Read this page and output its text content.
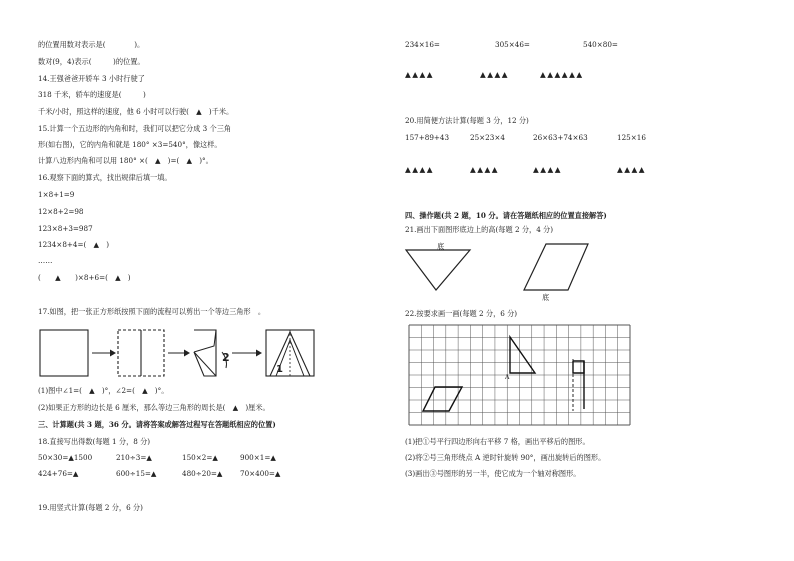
的位置用数对表示是(　　　　)。
数对(9，4)表示(　　　)的位置。
14.王强爸爸开轿车 3 小时行驶了
318 千米，轿车的速度是(　　　)
千米/小时，照这样的速度，他 6 小时可以行驶(　▲　)千米。
15.计算一个五边形的内角和时，我们可以把它分成 3 个三角
形(如右图)，它的内角和就是 180° ×3=540°，像这样。
计算八边形内角和可以用 180° ×(　▲　)=(　▲　)°。
16.观察下面的算式，找出规律后填一填。
1×8+1=9
12×8+2=98
123×8+3=987
1234×8+4=(　▲　)
……
(　　▲　　)×8+6=(　▲　)
17.如图，把一张正方形纸按照下面的流程可以剪出一个等边三角形　。
2
1
(1)图中∠1=(　▲　)°，∠2=(　▲　)°。
(2)如果正方形的边长是 6 厘米，那么等边三角形的周长是(　▲　)厘米。
三、计算题(共 3 题，36 分。请将答案或解答过程写在答题纸相应的位置)
18.直接写出得数(每题 1 分，8 分)
50×30=▲1500	210÷3=▲	150×2=▲	900×1=▲
424+76=▲	600÷15=▲	480÷20=▲ 70×400=▲
19.用竖式计算(每题 2 分，6 分)
234×16=	305×46=	540×80=
▲▲▲▲	▲▲▲▲	▲▲▲▲▲▲
20.用简便方法计算(每题 3 分，12 分)
157+89+43	25×23×4	26×63+74×63	125×16
▲▲▲▲	▲▲▲▲	▲▲▲▲	▲▲▲▲
四、操作题(共 2 题，10 分。请在答题纸相应的位置直接解答)
21.画出下面图形底边上的高(每题 2 分，4 分)
底
底
22.按要求画一画(每题 2 分，6 分)
A
(1)把①号平行四边形向右平移 7 格，画出平移后的图形。
(2)将②号三角形绕点 A 逆时针旋转 90°，画出旋转后的图形。
(3)画出③号图形的另一半，使它成为一个轴对称图形。
